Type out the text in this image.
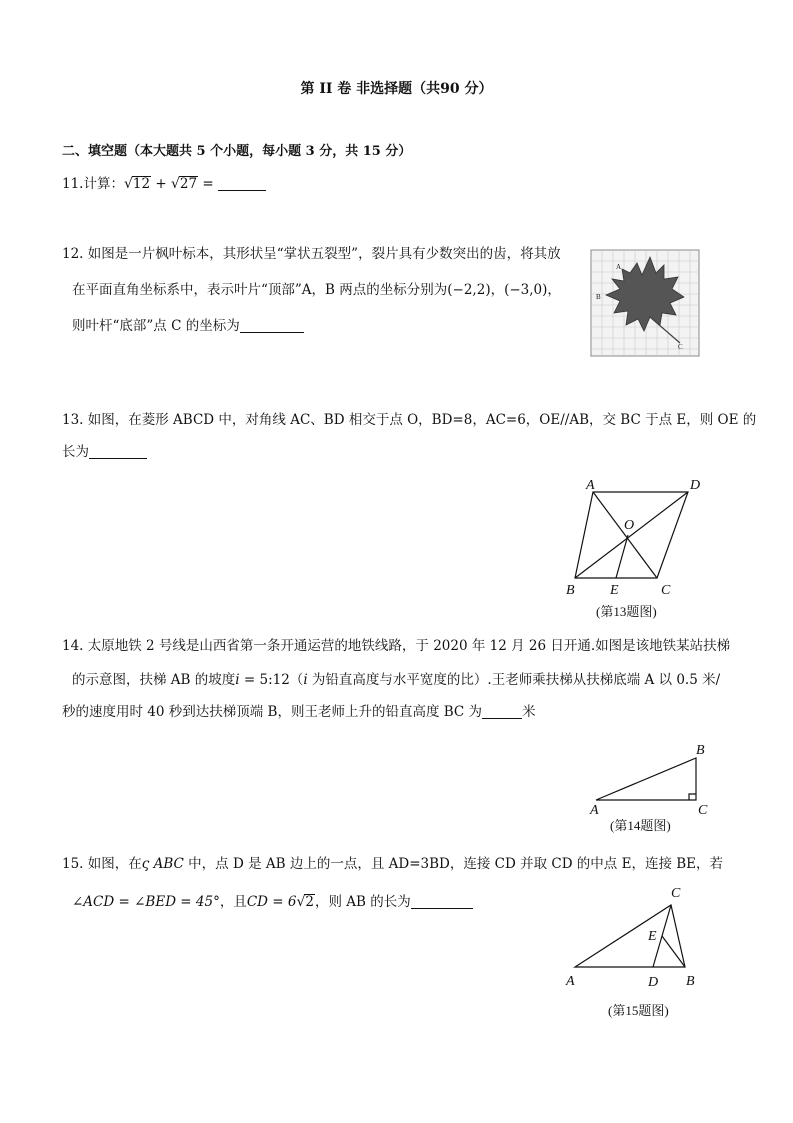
第 II 卷 非选择题（共90 分）
二、填空题（本大题共 5 个小题，每小题 3 分，共 15 分）
11.计算：√12 + √27 =
12. 如图是一片枫叶标本，其形状呈“掌状五裂型”，裂片具有少数突出的齿，将其放
在平面直角坐标系中，表示叶片“顶部”A，B 两点的坐标分别为(−2,2)，(−3,0)，
则叶杆“底部”点 C 的坐标为
A
B
C
13. 如图，在菱形 ABCD 中，对角线 AC、BD 相交于点 O，BD=8，AC=6，OE//AB，交 BC 于点 E，则 OE 的
长为
A	D
O
B	E	C
(第13题图)
14. 太原地铁 2 号线是山西省第一条开通运营的地铁线路，于 2020 年 12 月 26 日开通.如图是该地铁某站扶梯
的示意图，扶梯 AB 的坡度i = 5:12（i 为铅直高度与水平宽度的比）.王老师乘扶梯从扶梯底端 A 以 0.5 米/
秒的速度用时 40 秒到达扶梯顶端 B，则王老师上升的铅直高度 BC 为	米
A
B
C
(第14题图)
15. 如图，在ς ABC 中，点 D 是 AB 边上的一点，且 AD=3BD，连接 CD 并取 CD 的中点 E，连接 BE，若
∠ACD = ∠BED = 45°，且CD = 6√2，则 AB 的长为
C
E
A	D B
(第15题图)
